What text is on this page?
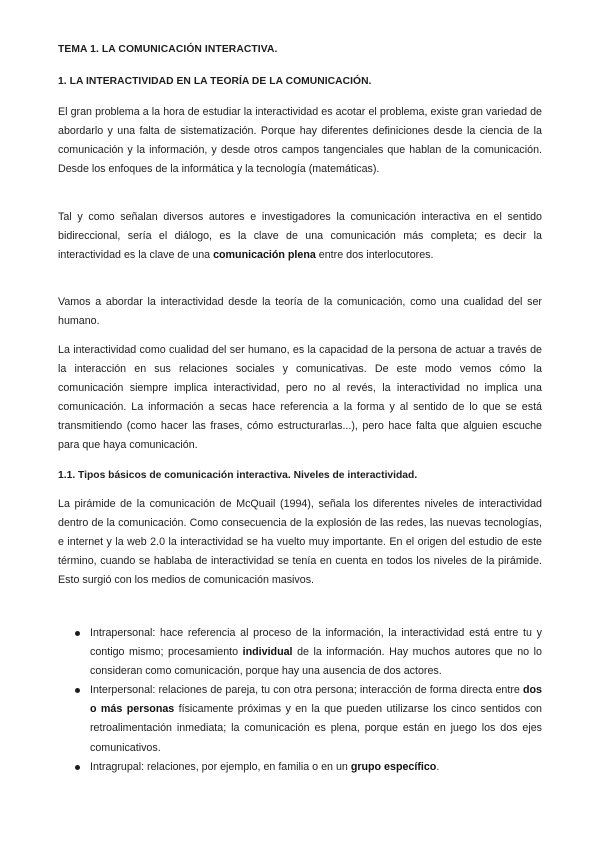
TEMA 1. LA COMUNICACIÓN INTERACTIVA.
1. LA INTERACTIVIDAD EN LA TEORÍA DE LA COMUNICACIÓN.

El gran problema a la hora de estudiar la interactividad es acotar el problema, existe gran variedad de abordarlo y una falta de sistematización. Porque hay diferentes definiciones desde la ciencia de la comunicación y la información, y desde otros campos tangenciales que hablan de la comunicación. Desde los enfoques de la informática y la tecnología (matemáticas).

Tal y como señalan diversos autores e investigadores la comunicación interactiva en el sentido bidireccional, sería el diálogo, es la clave de una comunicación más completa; es decir la interactividad es la clave de una comunicación plena entre dos interlocutores.

Vamos a abordar la interactividad desde la teoría de la comunicación, como una cualidad del ser humano.

La interactividad como cualidad del ser humano, es la capacidad de la persona de actuar a través de la interacción en sus relaciones sociales y comunicativas. De este modo vemos cómo la comunicación siempre implica interactividad, pero no al revés, la interactividad no implica una comunicación. La información a secas hace referencia a la forma y al sentido de lo que se está transmitiendo (como hacer las frases, cómo estructurarlas...), pero hace falta que alguien escuche para que haya comunicación.

1.1. Tipos básicos de comunicación interactiva. Niveles de interactividad.

La pirámide de la comunicación de McQuail (1994), señala los diferentes niveles de interactividad dentro de la comunicación. Como consecuencia de la explosión de las redes, las nuevas tecnologías, e internet y la web 2.0 la interactividad se ha vuelto muy importante. En el origen del estudio de este término, cuando se hablaba de interactividad se tenía en cuenta en todos los niveles de la pirámide. Esto surgió con los medios de comunicación masivos.

Intrapersonal: hace referencia al proceso de la información, la interactividad está entre tu y contigo mismo; procesamiento individual de la información. Hay muchos autores que no lo consideran como comunicación, porque hay una ausencia de dos actores.
Interpersonal: relaciones de pareja, tu con otra persona; interacción de forma directa entre dos o más personas físicamente próximas y en la que pueden utilizarse los cinco sentidos con retroalimentación inmediata; la comunicación es plena, porque están en juego los dos ejes comunicativos.
Intragrupal: relaciones, por ejemplo, en familia o en un grupo específico.
